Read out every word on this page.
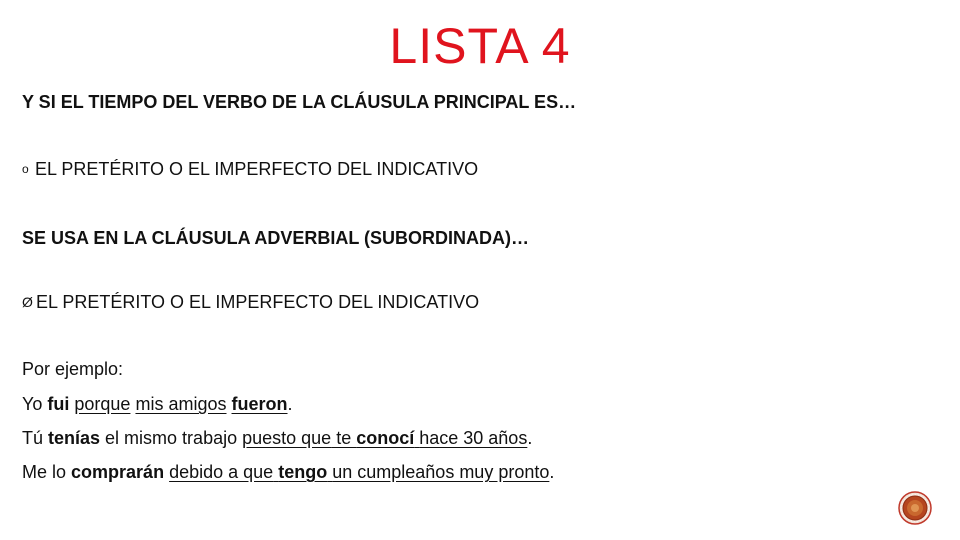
LISTA 4
Y SI EL TIEMPO DEL VERBO DE LA CLÁUSULA PRINCIPAL ES…
o EL PRETÉRITO O EL IMPERFECTO DEL INDICATIVO
SE USA EN LA CLÁUSULA ADVERBIAL (SUBORDINADA)…
Ø EL PRETÉRITO O EL IMPERFECTO DEL INDICATIVO
Por ejemplo:
Yo fui porque mis amigos fueron.
Tú tenías el mismo trabajo puesto que te conocí hace 30 años.
Me lo comprarán debido a que tengo un cumpleaños muy pronto.
